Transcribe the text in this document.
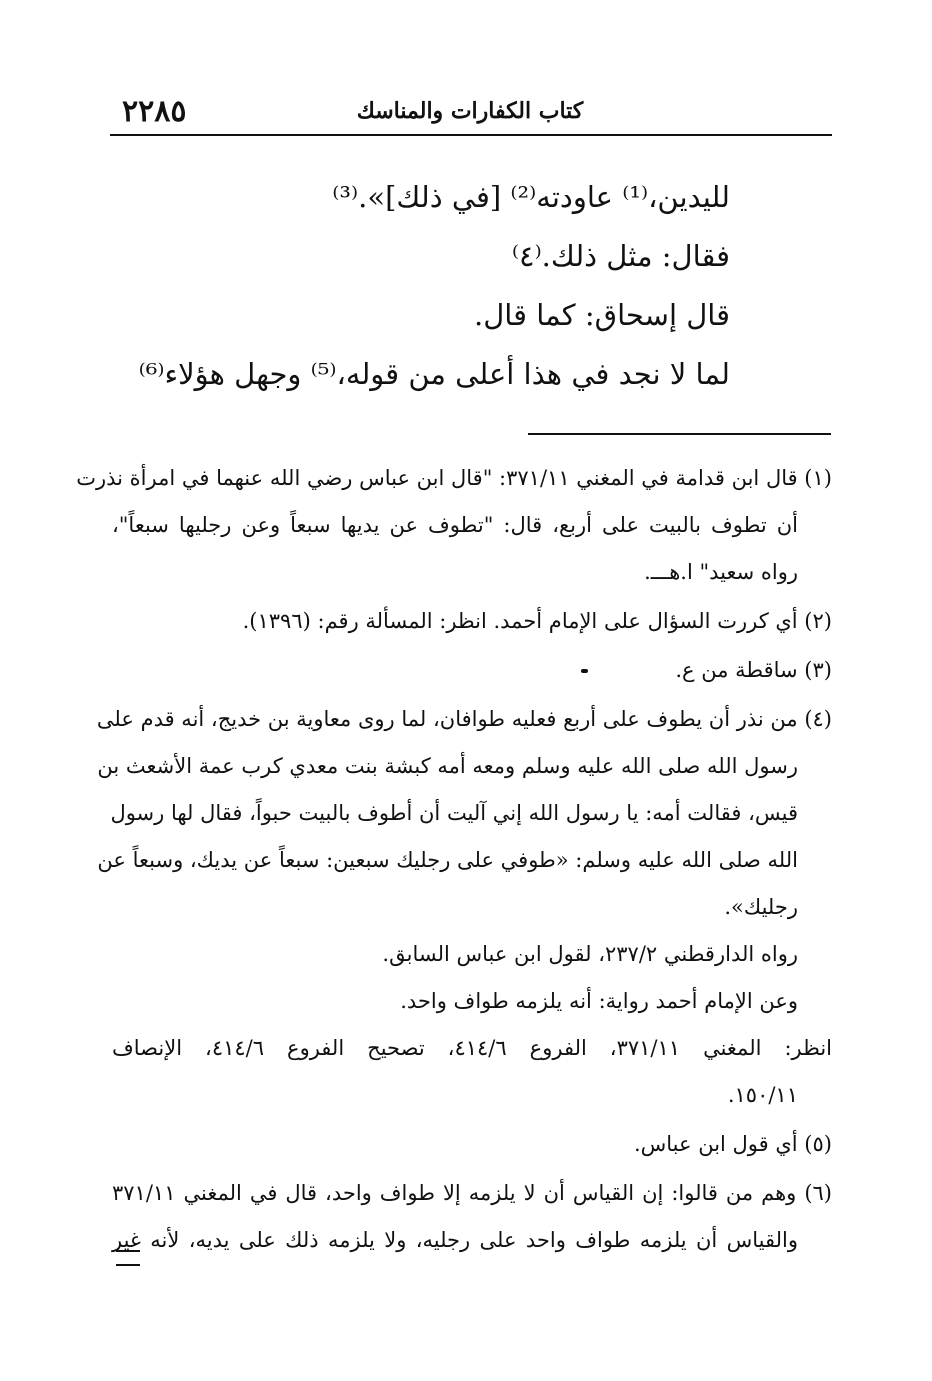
٢٢٨٥	كتاب الكفارات والمناسك
لليدين،⁽¹⁾ عاودته⁽²⁾ [في ذلك]».⁽³⁾
فقال: مثل ذلك.⁽٤⁾
قال إسحاق: كما قال.
لما لا نجد في هذا أعلى من قوله،⁽⁵⁾ وجهل هؤلاء⁽⁶⁾
(١) قال ابن قدامة في المغني ٣٧١/١١: "قال ابن عباس رضي الله عنهما في امرأة نذرت
أن تطوف بالبيت على أربع، قال: "تطوف عن يديها سبعاً وعن رجليها سبعاً"،
رواه سعيد" ا.هـــ.
(٢) أي كررت السؤال على الإمام أحمد. انظر: المسألة رقم: (١٣٩٦).
(٣) ساقطة من ع.
(٤) من نذر أن يطوف على أربع فعليه طوافان، لما روى معاوية بن خديج، أنه قدم على
رسول الله صلى الله عليه وسلم ومعه أمه كبشة بنت معدي كرب عمة الأشعث بن
قيس، فقالت أمه: يا رسول الله إني آليت أن أطوف بالبيت حبواً، فقال لها رسول
الله صلى الله عليه وسلم: «طوفي على رجليك سبعين: سبعاً عن يديك، وسبعاً عن
رجليك».
رواه الدارقطني ٢٣٧/٢، لقول ابن عباس السابق.
وعن الإمام أحمد رواية: أنه يلزمه طواف واحد.
انظر: المغني ٣٧١/١١، الفروع ٤١٤/٦، تصحيح الفروع ٤١٤/٦، الإنصاف
١٥٠/١١.
(٥) أي قول ابن عباس.
(٦) وهم من قالوا: إن القياس أن لا يلزمه إلا طواف واحد، قال في المغني ٣٧١/١١
والقياس أن يلزمه طواف واحد على رجليه، ولا يلزمه ذلك على يديه، لأنه غير
